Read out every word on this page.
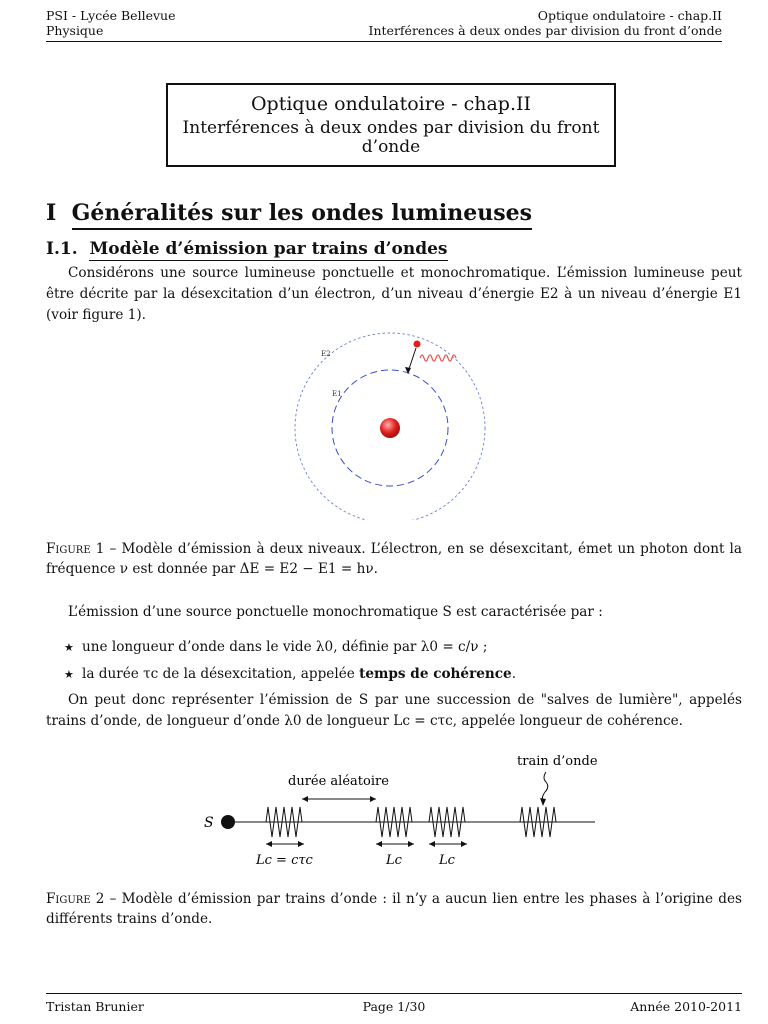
PSI - Lycée Bellevue
Physique
Optique ondulatoire - chap.II
Interférences à deux ondes par division du front d’onde
Optique ondulatoire - chap.II
Interférences à deux ondes par division du front d’onde
I Généralités sur les ondes lumineuses
I.1. Modèle d’émission par trains d’ondes
Considérons une source lumineuse ponctuelle et monochromatique. L’émission lumineuse peut être décrite par la désexcitation d’un électron, d’un niveau d’énergie E2 à un niveau d’énergie E1 (voir figure 1).
E2
E1
Figure 1 – Modèle d’émission à deux niveaux. L’électron, en se désexcitant, émet un photon dont la fréquence ν est donnée par ΔE = E2 − E1 = hν.
L’émission d’une source ponctuelle monochromatique S est caractérisée par :
★ une longueur d’onde dans le vide λ0, définie par λ0 = c/ν ;
★ la durée τc de la désexcitation, appelée temps de cohérence.
On peut donc représenter l’émission de S par une succession de "salves de lumière", appelés trains d’onde, de longueur d’onde λ0 de longueur Lc = cτc, appelée longueur de cohérence.
S
durée aléatoire
train d’onde
Lc = cτc	Lc	Lc
Figure 2 – Modèle d’émission par trains d’onde : il n’y a aucun lien entre les phases à l’origine des différents trains d’onde.
Tristan Brunier	Page 1/30	Année 2010-2011
